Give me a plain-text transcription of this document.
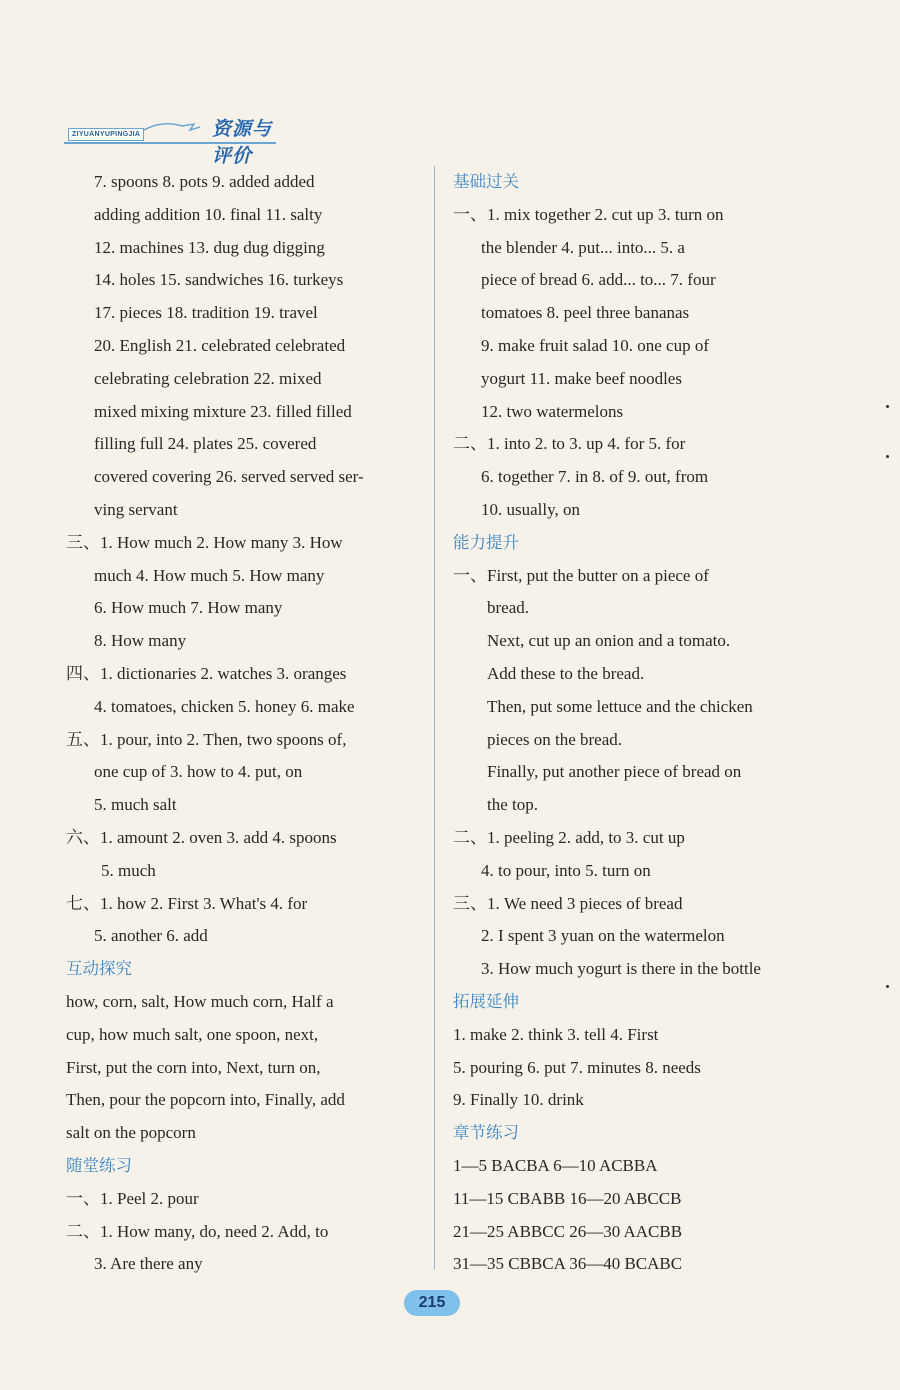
ZIYUANYUPINGJIA	资源与评价
7. spoons 8. pots 9. added added
adding addition 10. final 11. salty
12. machines 13. dug dug digging
14. holes 15. sandwiches 16. turkeys
17. pieces 18. tradition 19. travel
20. English 21. celebrated celebrated
celebrating celebration 22. mixed
mixed mixing mixture 23. filled filled
filling full 24. plates 25. covered
covered covering 26. served served ser-
ving servant
三、1. How much 2. How many 3. How
much 4. How much 5. How many
6. How much 7. How many
8. How many
四、1. dictionaries 2. watches 3. oranges
4. tomatoes, chicken 5. honey 6. make
五、1. pour, into 2. Then, two spoons of,
one cup of 3. how to 4. put, on
5. much salt
六、1. amount 2. oven 3. add 4. spoons
5. much
七、1. how 2. First 3. What's 4. for
5. another 6. add
互动探究
how, corn, salt, How much corn, Half a
cup, how much salt, one spoon, next,
First, put the corn into, Next, turn on,
Then, pour the popcorn into, Finally, add
salt on the popcorn
随堂练习
一、1. Peel 2. pour
二、1. How many, do, need 2. Add, to
3. Are there any
基础过关
一、1. mix together 2. cut up 3. turn on
the blender 4. put... into... 5. a
piece of bread 6. add... to... 7. four
tomatoes 8. peel three bananas
9. make fruit salad 10. one cup of
yogurt 11. make beef noodles
12. two watermelons
二、1. into 2. to 3. up 4. for 5. for
6. together 7. in 8. of 9. out, from
10. usually, on
能力提升
一、First, put the butter on a piece of
bread.
Next, cut up an onion and a tomato.
Add these to the bread.
Then, put some lettuce and the chicken
pieces on the bread.
Finally, put another piece of bread on
the top.
二、1. peeling 2. add, to 3. cut up
4. to pour, into 5. turn on
三、1. We need 3 pieces of bread
2. I spent 3 yuan on the watermelon
3. How much yogurt is there in the bottle
拓展延伸
1. make 2. think 3. tell 4. First
5. pouring 6. put 7. minutes 8. needs
9. Finally 10. drink
章节练习
1—5 BACBA 6—10 ACBBA
11—15 CBABB 16—20 ABCCB
21—25 ABBCC 26—30 AACBB
31—35 CBBCA 36—40 BCABC
215
